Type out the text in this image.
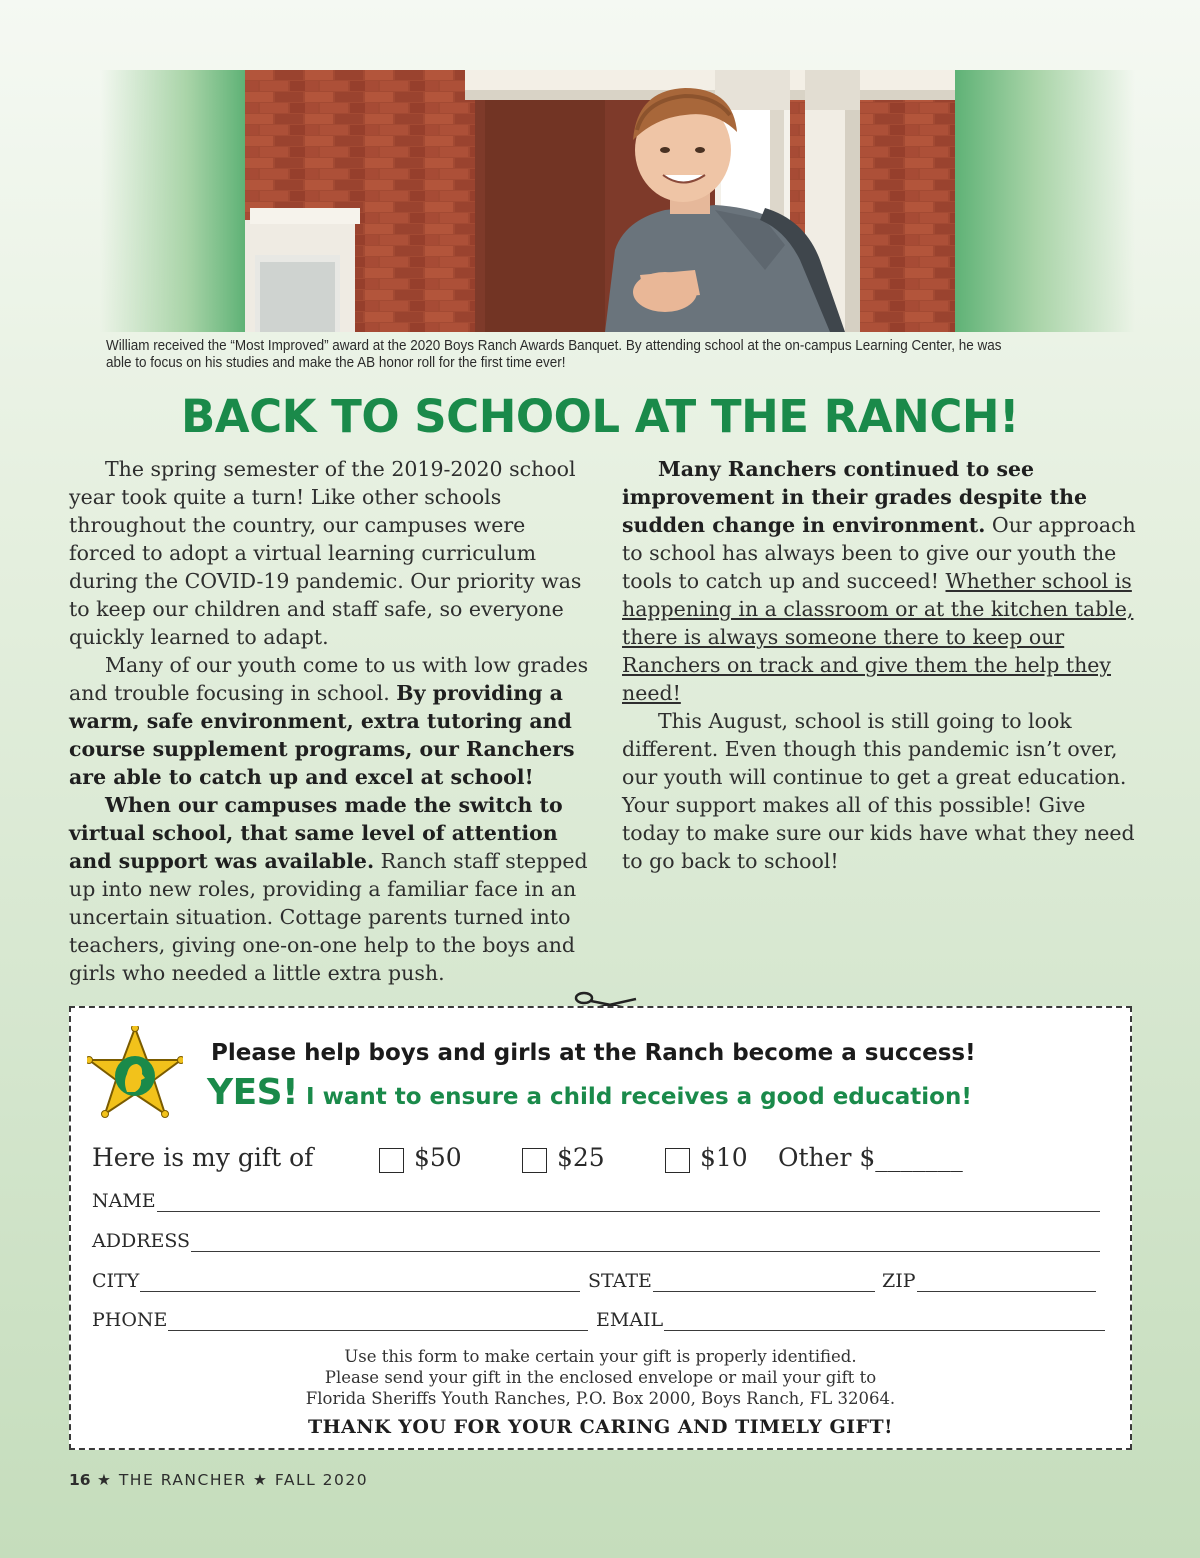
William received the “Most Improved” award at the 2020 Boys Ranch Awards Banquet. By attending school at the on-campus Learning Center, he was able to focus on his studies and make the AB honor roll for the first time ever!
BACK TO SCHOOL AT THE RANCH!

The spring semester of the 2019-2020 school year took quite a turn! Like other schools throughout the country, our campuses were forced to adopt a virtual learning curriculum during the COVID-19 pandemic. Our priority was to keep our children and staff safe, so everyone quickly learned to adapt.

Many of our youth come to us with low grades and trouble focusing in school. By providing a warm, safe environment, extra tutoring and course supplement programs, our Ranchers are able to catch up and excel at school!

When our campuses made the switch to virtual school, that same level of attention and support was available. Ranch staff stepped up into new roles, providing a familiar face in an uncertain situation. Cottage parents turned into teachers, giving one-on-one help to the boys and girls who needed a little extra push.

Many Ranchers continued to see improvement in their grades despite the sudden change in environment. Our approach to school has always been to give our youth the tools to catch up and succeed! Whether school is happening in a classroom or at the kitchen table, there is always someone there to keep our Ranchers on track and give them the help they need!

This August, school is still going to look different. Even though this pandemic isn’t over, our youth will continue to get a great education. Your support makes all of this possible! Give today to make sure our kids have what they need to go back to school!

Please help boys and girls at the Ranch become a success!
YES! I want to ensure a child receives a good education!
Here is my gift of	$50	$25	$10 Other $_______
NAME
ADDRESS
CITY	STATE	ZIP
PHONE	EMAIL
Use this form to make certain your gift is properly identified.
Please send your gift in the enclosed envelope or mail your gift to
Florida Sheriffs Youth Ranches, P.O. Box 2000, Boys Ranch, FL 32064.
THANK YOU FOR YOUR CARING AND TIMELY GIFT!
16 ★ THE RANCHER ★ FALL 2020
